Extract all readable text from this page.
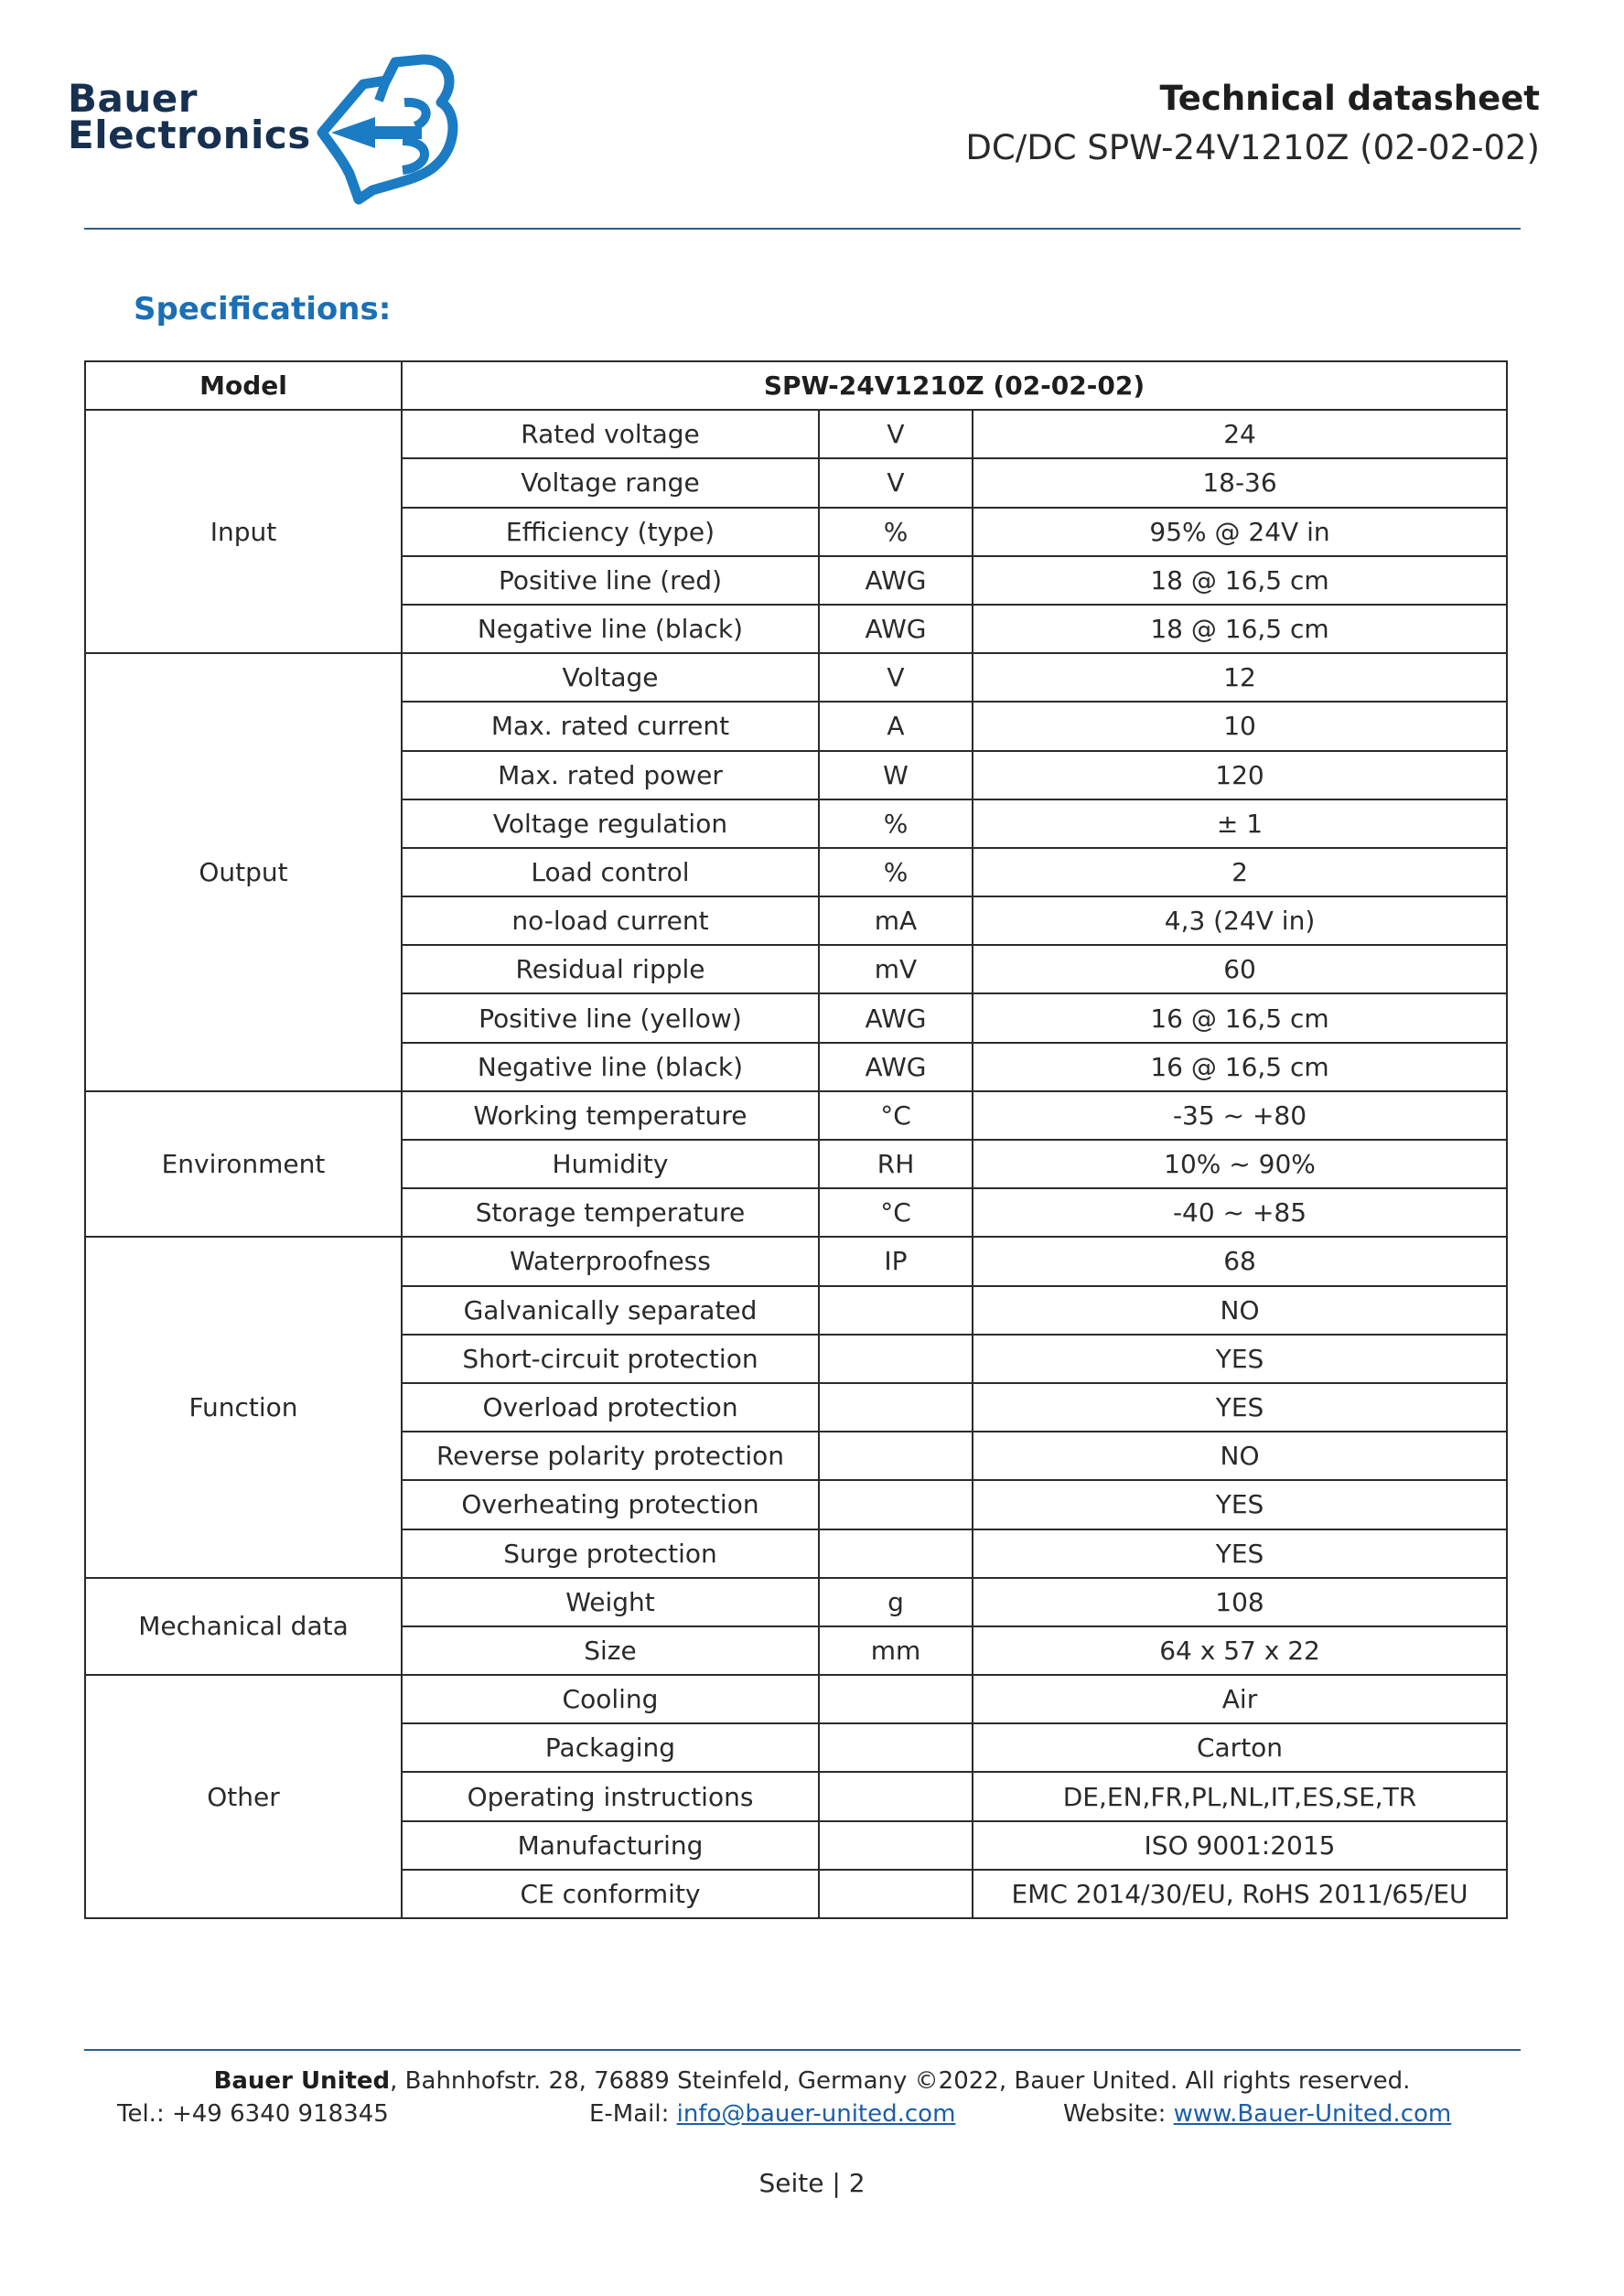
Bauer
Electronics
Technical datasheet
DC/DC SPW-24V1210Z (02-02-02)
Specifications:
Model	SPW-24V1210Z (02-02-02)		
Input	Rated voltage	V	24
	Voltage range	V	18-36
	Efficiency (type)	%	95% @ 24V in
	Positive line (red)	AWG	18 @ 16,5 cm
	Negative line (black)	AWG	18 @ 16,5 cm
Output	Voltage	V	12
	Max. rated current	A	10
	Max. rated power	W	120
	Voltage regulation	%	± 1
	Load control	%	2
	no-load current	mA	4,3 (24V in)
	Residual ripple	mV	60
	Positive line (yellow)	AWG	16 @ 16,5 cm
	Negative line (black)	AWG	16 @ 16,5 cm
Environment	Working temperature	°C	-35 ~ +80
	Humidity	RH	10% ~ 90%
	Storage temperature	°C	-40 ~ +85
Function	Waterproofness	IP	68
	Galvanically separated		NO
	Short-circuit protection		YES
	Overload protection		YES
	Reverse polarity protection		NO
	Overheating protection		YES
	Surge protection		YES
Mechanical data	Weight	g	108
	Size	mm	64 x 57 x 22
Other	Cooling		Air
	Packaging		Carton
	Operating instructions		DE,EN,FR,PL,NL,IT,ES,SE,TR
	Manufacturing		ISO 9001:2015
	CE conformity		EMC 2014/30/EU, RoHS 2011/65/EU
Bauer United, Bahnhofstr. 28, 76889 Steinfeld, Germany ©2022, Bauer United. All rights reserved.
Tel.: +49 6340 918345	E-Mail: info@bauer-united.com	Website: www.Bauer-United.com
Seite | 2
